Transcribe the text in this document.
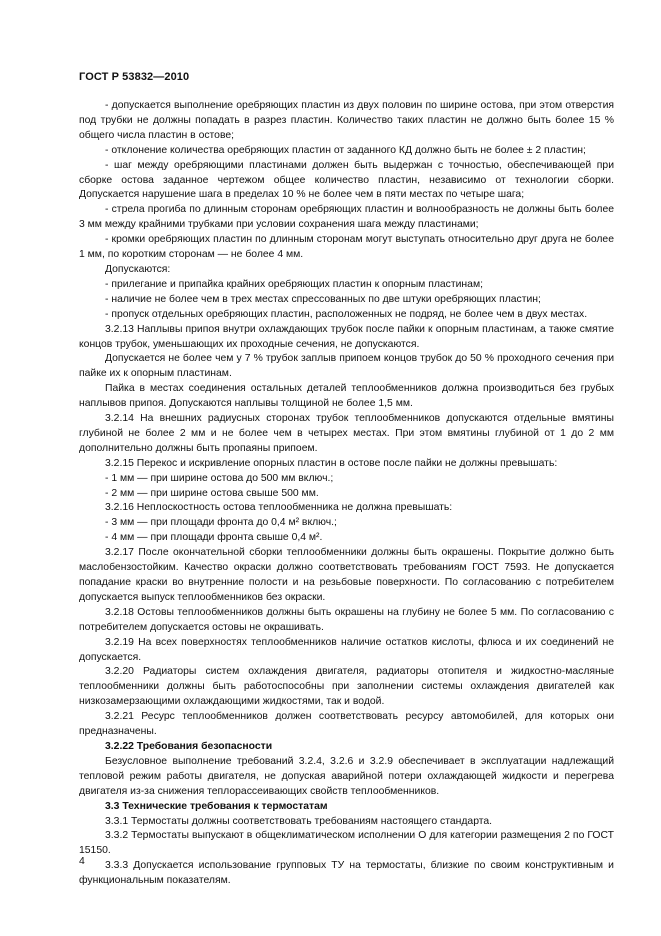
ГОСТ Р 53832—2010

- допускается выполнение оребряющих пластин из двух половин по ширине остова, при этом отверстия под трубки не должны попадать в разрез пластин. Количество таких пластин не должно быть более 15 % общего числа пластин в остове;

- отклонение количества оребряющих пластин от заданного КД должно быть не более ± 2 пластин;

- шаг между оребряющими пластинами должен быть выдержан с точностью, обеспечивающей при сборке остова заданное чертежом общее количество пластин, независимо от технологии сборки. Допускается нарушение шага в пределах 10 % не более чем в пяти местах по четыре шага;

- стрела прогиба по длинным сторонам оребряющих пластин и волнообразность не должны быть более 3 мм между крайними трубками при условии сохранения шага между пластинами;

- кромки оребряющих пластин по длинным сторонам могут выступать относительно друг друга не более 1 мм, по коротким сторонам — не более 4 мм.

Допускаются:

- прилегание и припайка крайних оребряющих пластин к опорным пластинам;

- наличие не более чем в трех местах спрессованных по две штуки оребряющих пластин;

- пропуск отдельных оребряющих пластин, расположенных не подряд, не более чем в двух местах.

3.2.13 Наплывы припоя внутри охлаждающих трубок после пайки к опорным пластинам, а также смятие концов трубок, уменьшающих их проходные сечения, не допускаются.

Допускается не более чем у 7 % трубок заплыв припоем концов трубок до 50 % проходного сечения при пайке их к опорным пластинам.

Пайка в местах соединения остальных деталей теплообменников должна производиться без грубых наплывов припоя. Допускаются наплывы толщиной не более 1,5 мм.

3.2.14 На внешних радиусных сторонах трубок теплообменников допускаются отдельные вмятины глубиной не более 2 мм и не более чем в четырех местах. При этом вмятины глубиной от 1 до 2 мм дополнительно должны быть пропаяны припоем.

3.2.15 Перекос и искривление опорных пластин в остове после пайки не должны превышать:

- 1 мм — при ширине остова до 500 мм включ.;

- 2 мм — при ширине остова свыше 500 мм.

3.2.16 Неплоскостность остова теплообменника не должна превышать:

- 3 мм — при площади фронта до 0,4 м² включ.;

- 4 мм — при площади фронта свыше 0,4 м².

3.2.17 После окончательной сборки теплообменники должны быть окрашены. Покрытие должно быть маслобензостойким. Качество окраски должно соответствовать требованиям ГОСТ 7593. Не допускается попадание краски во внутренние полости и на резьбовые поверхности. По согласованию с потребителем допускается выпуск теплообменников без окраски.

3.2.18 Остовы теплообменников должны быть окрашены на глубину не более 5 мм. По согласованию с потребителем допускается остовы не окрашивать.

3.2.19 На всех поверхностях теплообменников наличие остатков кислоты, флюса и их соединений не допускается.

3.2.20 Радиаторы систем охлаждения двигателя, радиаторы отопителя и жидкостно-масляные теплообменники должны быть работоспособны при заполнении системы охлаждения двигателей как низкозамерзающими охлаждающими жидкостями, так и водой.

3.2.21 Ресурс теплообменников должен соответствовать ресурсу автомобилей, для которых они предназначены.

3.2.22 Требования безопасности

Безусловное выполнение требований 3.2.4, 3.2.6 и 3.2.9 обеспечивает в эксплуатации надлежащий тепловой режим работы двигателя, не допуская аварийной потери охлаждающей жидкости и перегрева двигателя из-за снижения теплорассеивающих свойств теплообменников.

3.3 Технические требования к термостатам

3.3.1 Термостаты должны соответствовать требованиям настоящего стандарта.

3.3.2 Термостаты выпускают в общеклиматическом исполнении О для категории размещения 2 по ГОСТ 15150.

3.3.3 Допускается использование групповых ТУ на термостаты, близкие по своим конструктивным и функциональным показателям.

4
